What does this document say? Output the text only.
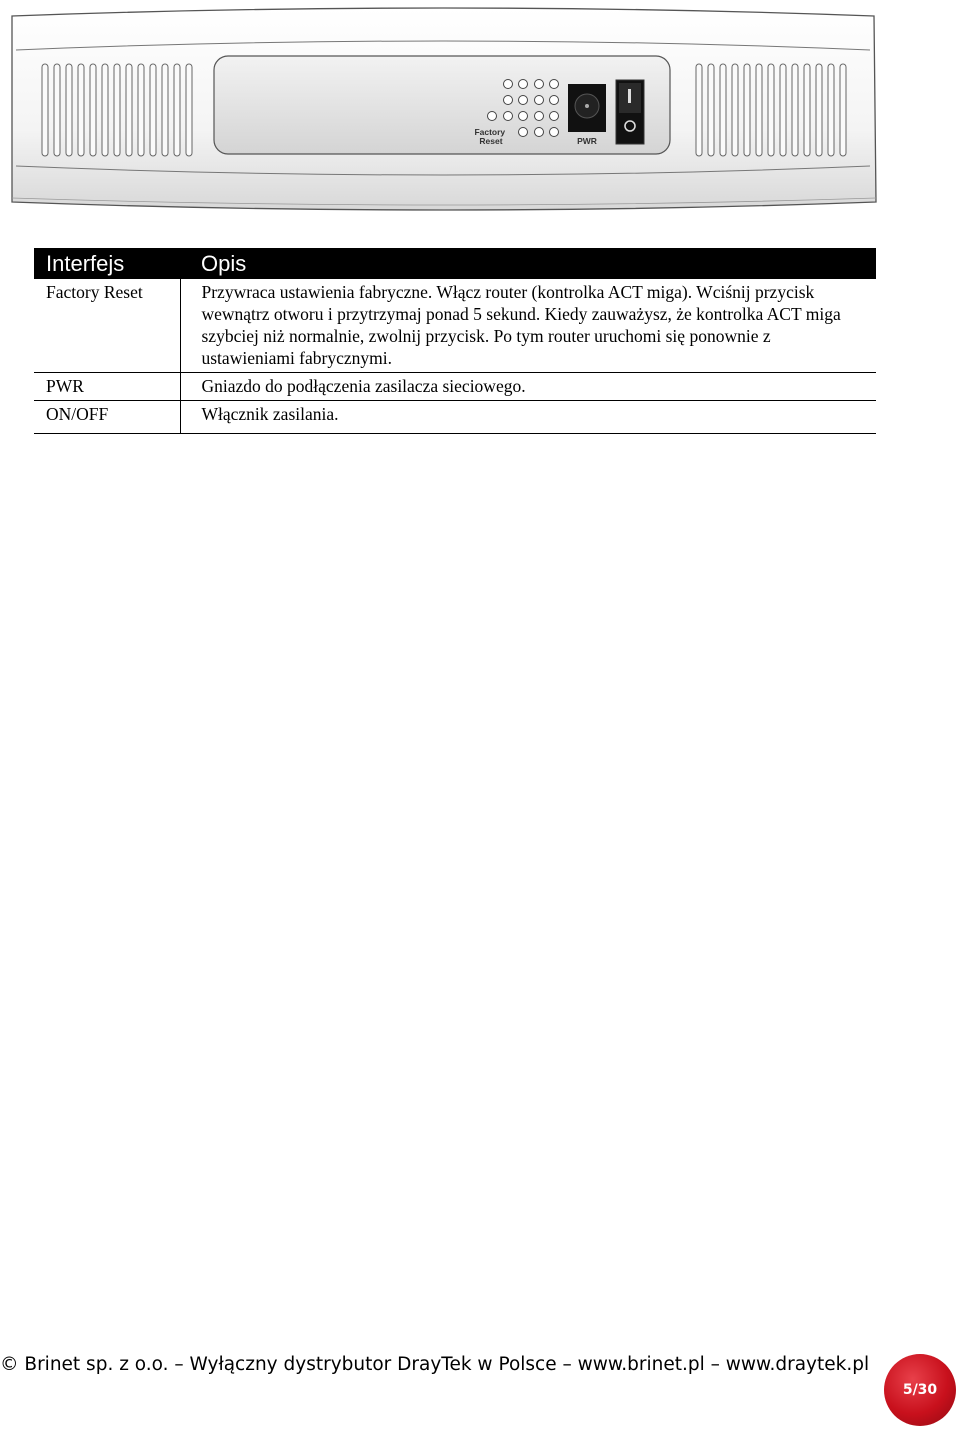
Factory Reset	PWR
Interfejs	Opis
Factory Reset	Przywraca ustawienia fabryczne. Włącz router (kontrolka ACT miga). Wciśnij przycisk wewnątrz otworu i przytrzymaj ponad 5 sekund. Kiedy zauważysz, że kontrolka ACT miga szybciej niż normalnie, zwolnij przycisk. Po tym router uruchomi się ponownie z ustawieniami fabrycznymi.
PWR	Gniazdo do podłączenia zasilacza sieciowego.
ON/OFF	Włącznik zasilania.
© Brinet sp. z o.o. – Wyłączny dystrybutor DrayTek w Polsce – www.brinet.pl – www.draytek.pl
5/30
